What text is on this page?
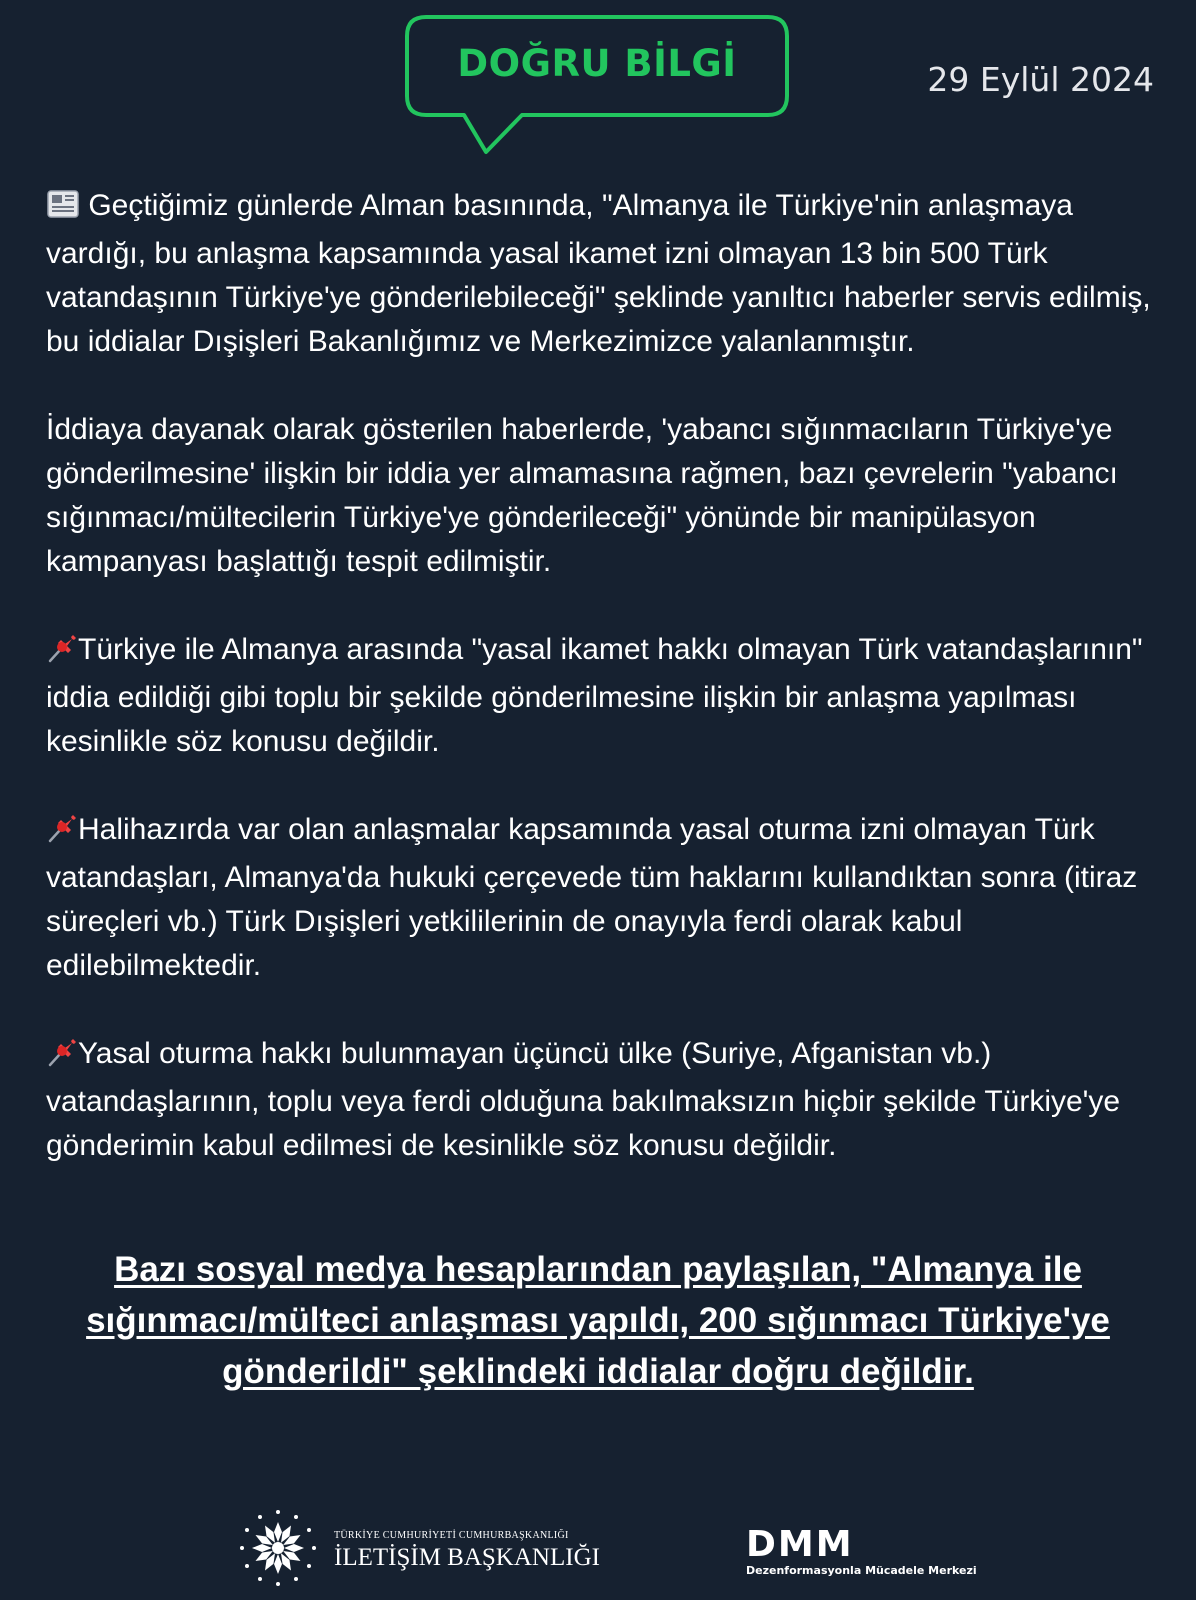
DOĞRU BİLGİ	29 Eylül 2024

Geçtiğimiz günlerde Alman basınında, "Almanya ile Türkiye'nin anlaşmaya vardığı, bu anlaşma kapsamında yasal ikamet izni olmayan 13 bin 500 Türk vatandaşının Türkiye'ye gönderilebileceği" şeklinde yanıltıcı haberler servis edilmiş, bu iddialar Dışişleri Bakanlığımız ve Merkezimizce yalanlanmıştır.

İddiaya dayanak olarak gösterilen haberlerde, 'yabancı sığınmacıların Türkiye'ye gönderilmesine' ilişkin bir iddia yer almamasına rağmen, bazı çevrelerin "yabancı sığınmacı/mültecilerin Türkiye'ye gönderileceği" yönünde bir manipülasyon kampanyası başlattığı tespit edilmiştir.

Türkiye ile Almanya arasında "yasal ikamet hakkı olmayan Türk vatandaşlarının" iddia edildiği gibi toplu bir şekilde gönderilmesine ilişkin bir anlaşma yapılması kesinlikle söz konusu değildir.

Halihazırda var olan anlaşmalar kapsamında yasal oturma izni olmayan Türk vatandaşları, Almanya'da hukuki çerçevede tüm haklarını kullandıktan sonra (itiraz süreçleri vb.) Türk Dışişleri yetkililerinin de onayıyla ferdi olarak kabul edilebilmektedir.

Yasal oturma hakkı bulunmayan üçüncü ülke (Suriye, Afganistan vb.) vatandaşlarının, toplu veya ferdi olduğuna bakılmaksızın hiçbir şekilde Türkiye'ye gönderimin kabul edilmesi de kesinlikle söz konusu değildir.

Bazı sosyal medya hesaplarından paylaşılan, "Almanya ile sığınmacı/mülteci anlaşması yapıldı, 200 sığınmacı Türkiye'ye gönderildi" şeklindeki iddialar doğru değildir.
TÜRKİYE CUMHURİYETİ CUMHURBAŞKANLIĞI
İLETİŞİM BAŞKANLIĞI	DMM
Dezenformasyonla Mücadele Merkezi
